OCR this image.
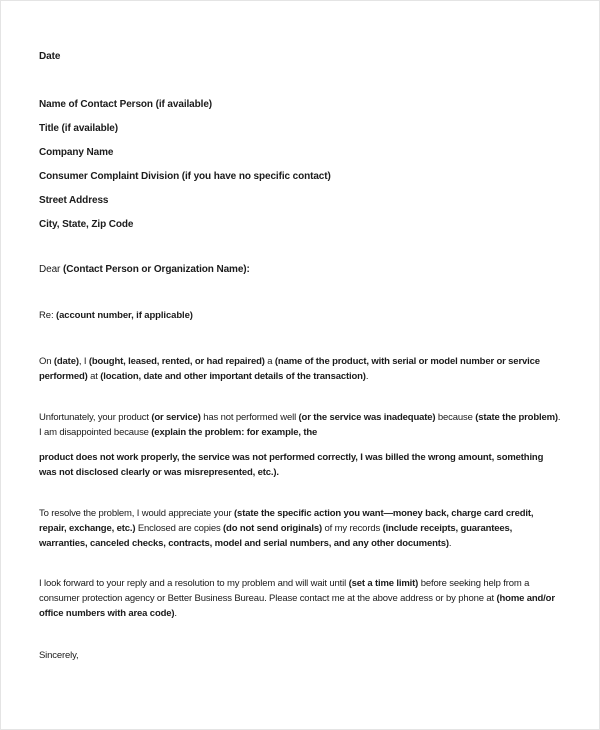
Date
Name of Contact Person (if available)
Title (if available)
Company Name
Consumer Complaint Division (if you have no specific contact)
Street Address
City, State, Zip Code
Dear (Contact Person or Organization Name):
Re: (account number, if applicable)
On (date), I (bought, leased, rented, or had repaired) a (name of the product, with serial or model number or service performed) at (location, date and other important details of the transaction).
Unfortunately, your product (or service) has not performed well (or the service was inadequate) because (state the problem). I am disappointed because (explain the problem: for example, the
product does not work properly, the service was not performed correctly, I was billed the wrong amount, something was not disclosed clearly or was misrepresented, etc.).
To resolve the problem, I would appreciate your (state the specific action you want—money back, charge card credit, repair, exchange, etc.) Enclosed are copies (do not send originals) of my records (include receipts, guarantees, warranties, canceled checks, contracts, model and serial numbers, and any other documents).
I look forward to your reply and a resolution to my problem and will wait until (set a time limit) before seeking help from a consumer protection agency or Better Business Bureau. Please contact me at the above address or by phone at (home and/or office numbers with area code).
Sincerely,
